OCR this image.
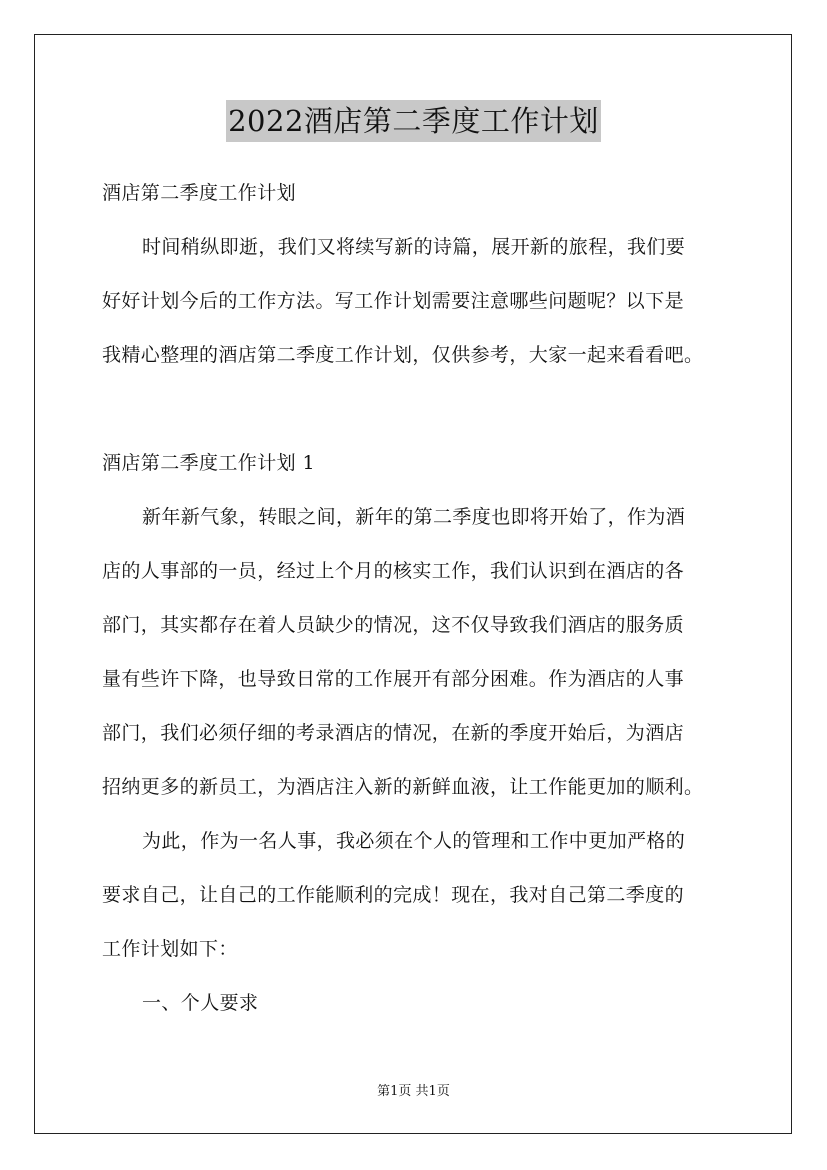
2022酒店第二季度工作计划
酒店第二季度工作计划
时间稍纵即逝，我们又将续写新的诗篇，展开新的旅程，我们要
好好计划今后的工作方法。写工作计划需要注意哪些问题呢？以下是
我精心整理的酒店第二季度工作计划，仅供参考，大家一起来看看吧。
酒店第二季度工作计划 1
新年新气象，转眼之间，新年的第二季度也即将开始了，作为酒
店的人事部的一员，经过上个月的核实工作，我们认识到在酒店的各
部门，其实都存在着人员缺少的情况，这不仅导致我们酒店的服务质
量有些许下降，也导致日常的工作展开有部分困难。作为酒店的人事
部门，我们必须仔细的考录酒店的情况，在新的季度开始后，为酒店
招纳更多的新员工，为酒店注入新的新鲜血液，让工作能更加的顺利。
为此，作为一名人事，我必须在个人的管理和工作中更加严格的
要求自己，让自己的工作能顺利的完成！现在，我对自己第二季度的
工作计划如下：
一、个人要求
第1页 共1页
